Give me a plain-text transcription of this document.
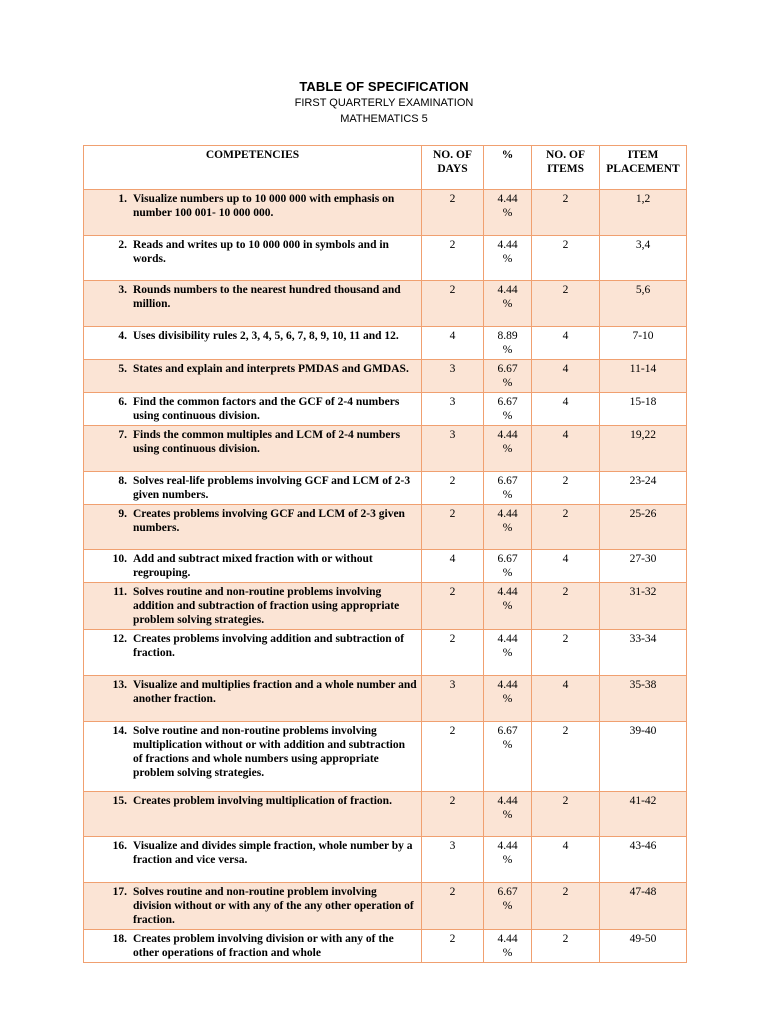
TABLE OF SPECIFICATION
FIRST QUARTERLY EXAMINATION
MATHEMATICS 5
COMPETENCIES	NO. OF DAYS	%	NO. OF ITEMS	ITEM PLACEMENT

1. Visualize numbers up to 10 000 000 with emphasis on number 100 001- 10 000 000.	2	4.44 %	2	1,2

2. Reads and writes up to 10 000 000 in symbols and in words.	2	4.44 %	2	3,4

3. Rounds numbers to the nearest hundred thousand and million.	2	4.44 %	2	5,6

4. Uses divisibility rules 2, 3, 4, 5, 6, 7, 8, 9, 10, 11 and 12.	4	8.89 %	4	7-10

5. States and explain and interprets PMDAS and GMDAS.	3	6.67 %	4	11-14

6. Find the common factors and the GCF of 2-4 numbers using continuous division.	3	6.67 %	4	15-18

7. Finds the common multiples and LCM of 2-4 numbers using continuous division.	3	4.44 %	4	19,22

8. Solves real-life problems involving GCF and LCM of 2-3 given numbers.	2	6.67 %	2	23-24

9. Creates problems involving GCF and LCM of 2-3 given numbers.	2	4.44 %	2	25-26

10. Add and subtract mixed fraction with or without regrouping.	4	6.67 %	4	27-30

11. Solves routine and non-routine problems involving addition and subtraction of fraction using appropriate problem solving strategies.	2	4.44 %	2	31-32

12. Creates problems involving addition and subtraction of fraction.	2	4.44 %	2	33-34

13. Visualize and multiplies fraction and a whole number and another fraction.	3	4.44 %	4	35-38

14. Solve routine and non-routine problems involving multiplication without or with addition and subtraction of fractions and whole numbers using appropriate problem solving strategies.	2	6.67 %	2	39-40

15. Creates problem involving multiplication of fraction.	2	4.44 %	2	41-42

16. Visualize and divides simple fraction, whole number by a fraction and vice versa.	3	4.44 %	4	43-46

17. Solves routine and non-routine problem involving division without or with any of the any other operation of fraction.	2	6.67 %	2	47-48

18. Creates problem involving division or with any of the other operations of fraction and whole	2	4.44 %	2	49-50
